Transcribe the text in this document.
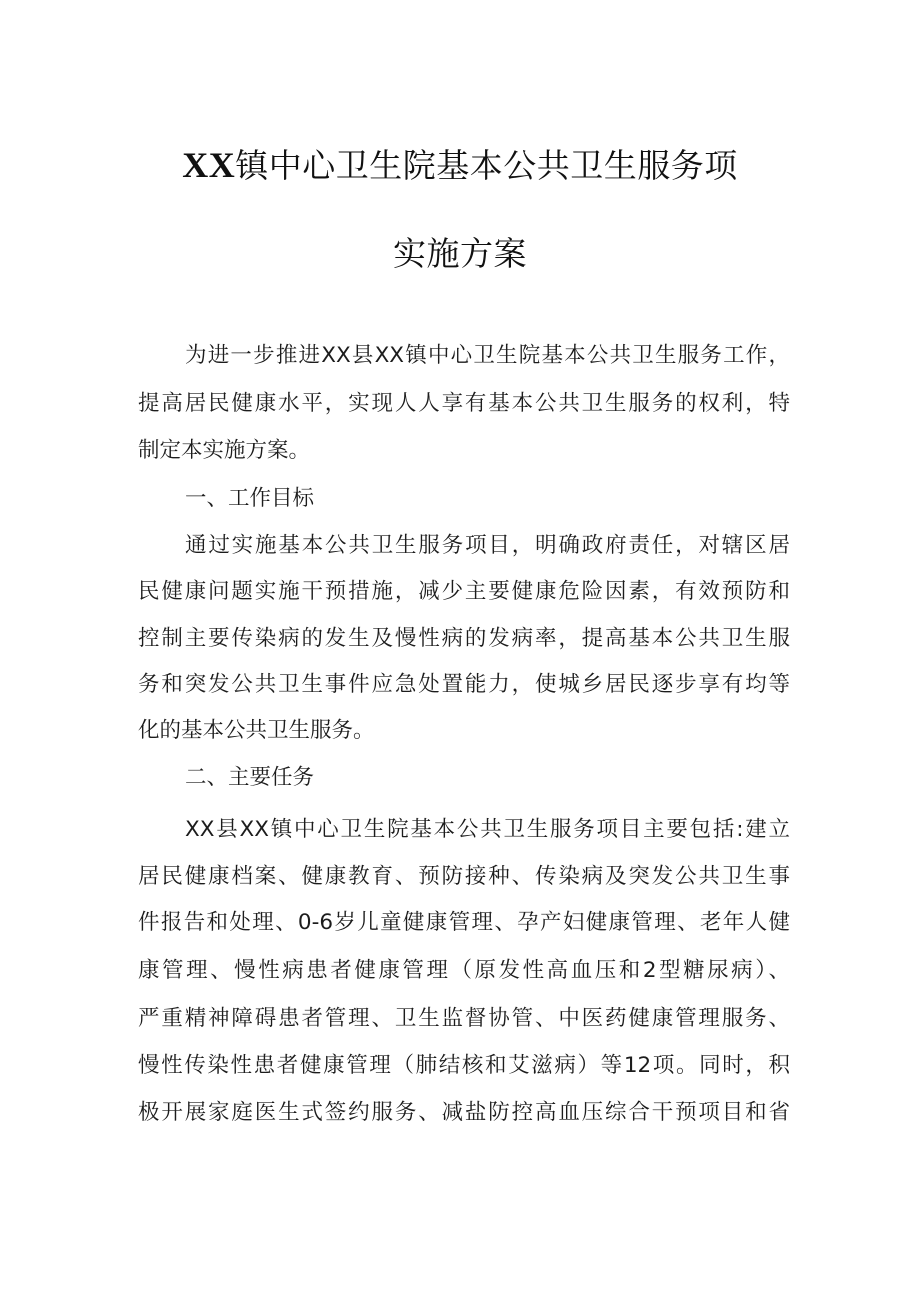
XX镇中心卫生院基本公共卫生服务项
实施方案
为进一步推进XX县XX镇中心卫生院基本公共卫生服务工作，
提高居民健康水平，实现人人享有基本公共卫生服务的权利，特
制定本实施方案。
一、工作目标
通过实施基本公共卫生服务项目，明确政府责任，对辖区居
民健康问题实施干预措施，减少主要健康危险因素，有效预防和
控制主要传染病的发生及慢性病的发病率，提高基本公共卫生服
务和突发公共卫生事件应急处置能力，使城乡居民逐步享有均等
化的基本公共卫生服务。
二、主要任务
XX县XX镇中心卫生院基本公共卫生服务项目主要包括:建立
居民健康档案、健康教育、预防接种、传染病及突发公共卫生事
件报告和处理、0-6岁儿童健康管理、孕产妇健康管理、老年人健
康管理、慢性病患者健康管理（原发性高血压和2型糖尿病）、
严重精神障碍患者管理、卫生监督协管、中医药健康管理服务、
慢性传染性患者健康管理（肺结核和艾滋病）等12项。同时，积
极开展家庭医生式签约服务、减盐防控高血压综合干预项目和省
